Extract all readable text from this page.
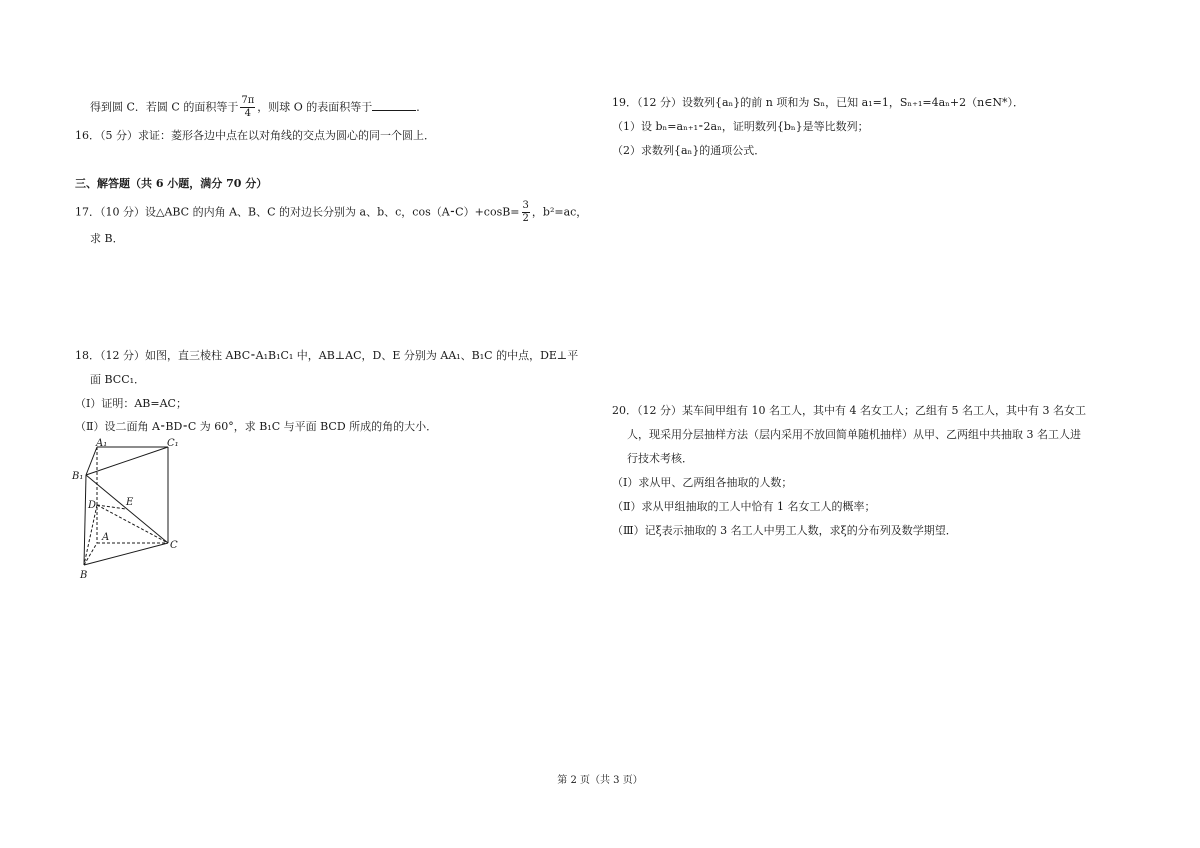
得到圆 C．若圆 C 的面积等于 $\frac{7\pi}{4}$ ，则球 O 的表面积等于	．
16．（5 分）求证：菱形各边中点在以对角线的交点为圆心的同一个圆上．
三、解答题（共 6 小题，满分 70 分）
17．（10 分）设△ABC 的内角 A、B、C 的对边长分别为 a、b、c，cos（A⁃C）+cosB= $\frac{3}{2}$ ，b²=ac，
求 B．
18．（12 分）如图，直三棱柱 ABC⁃A₁B₁C₁ 中，AB⊥AC，D、E 分别为 AA₁、B₁C 的中点，DE⊥平
面 BCC₁．
（Ⅰ）证明：AB=AC；
（Ⅱ）设二面角 A⁃BD⁃C 为 60°，求 B₁C 与平面 BCD 所成的角的大小．
A₁	C₁
B₁
D	E
A
C
B
19．（12 分）设数列{aₙ}的前 n 项和为 Sₙ，已知 a₁=1，Sₙ₊₁=4aₙ+2（n∈N*）．
（1）设 bₙ=aₙ₊₁⁃2aₙ，证明数列{bₙ}是等比数列；
（2）求数列{aₙ}的通项公式．
20．（12 分）某车间甲组有 10 名工人，其中有 4 名女工人；乙组有 5 名工人，其中有 3 名女工
人，现采用分层抽样方法（层内采用不放回简单随机抽样）从甲、乙两组中共抽取 3 名工人进
行技术考核．
（Ⅰ）求从甲、乙两组各抽取的人数；
（Ⅱ）求从甲组抽取的工人中恰有 1 名女工人的概率；
（Ⅲ）记ξ表示抽取的 3 名工人中男工人数，求ξ的分布列及数学期望．
第 2 页（共 3 页）
